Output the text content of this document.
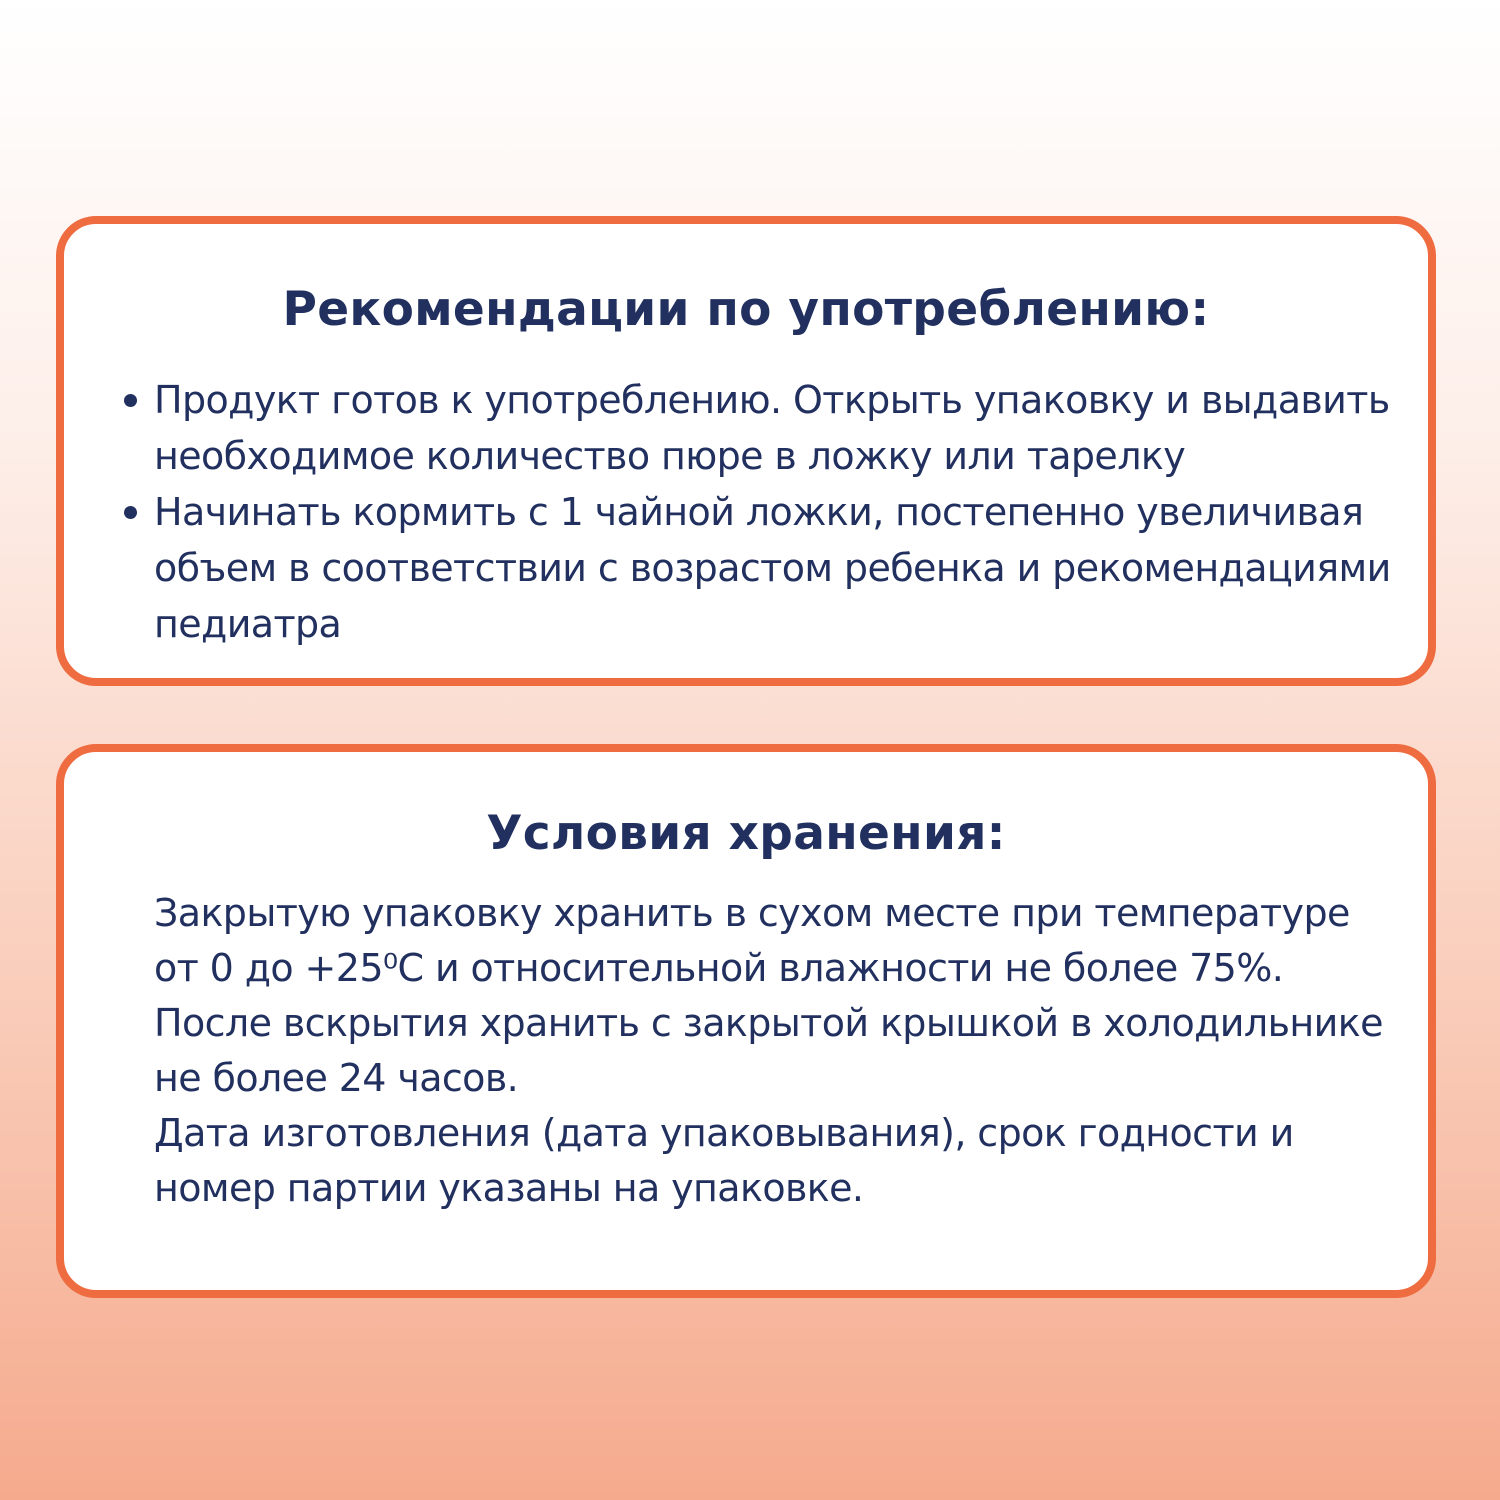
Рекомендации по употреблению:
Продукт готов к употреблению. Открыть упаковку и выдавить необходимое количество пюре в ложку или тарелку
Начинать кормить с 1 чайной ложки, постепенно увеличивая объем в соответствии с возрастом ребенка и рекомендациями педиатра
Условия хранения:

Закрытую упаковку хранить в сухом месте при температуре от 0 до +25⁰С и относительной влажности не более 75%.

После вскрытия хранить с закрытой крышкой в холодильнике не более 24 часов.

Дата изготовления (дата упаковывания), срок годности и номер партии указаны на упаковке.
